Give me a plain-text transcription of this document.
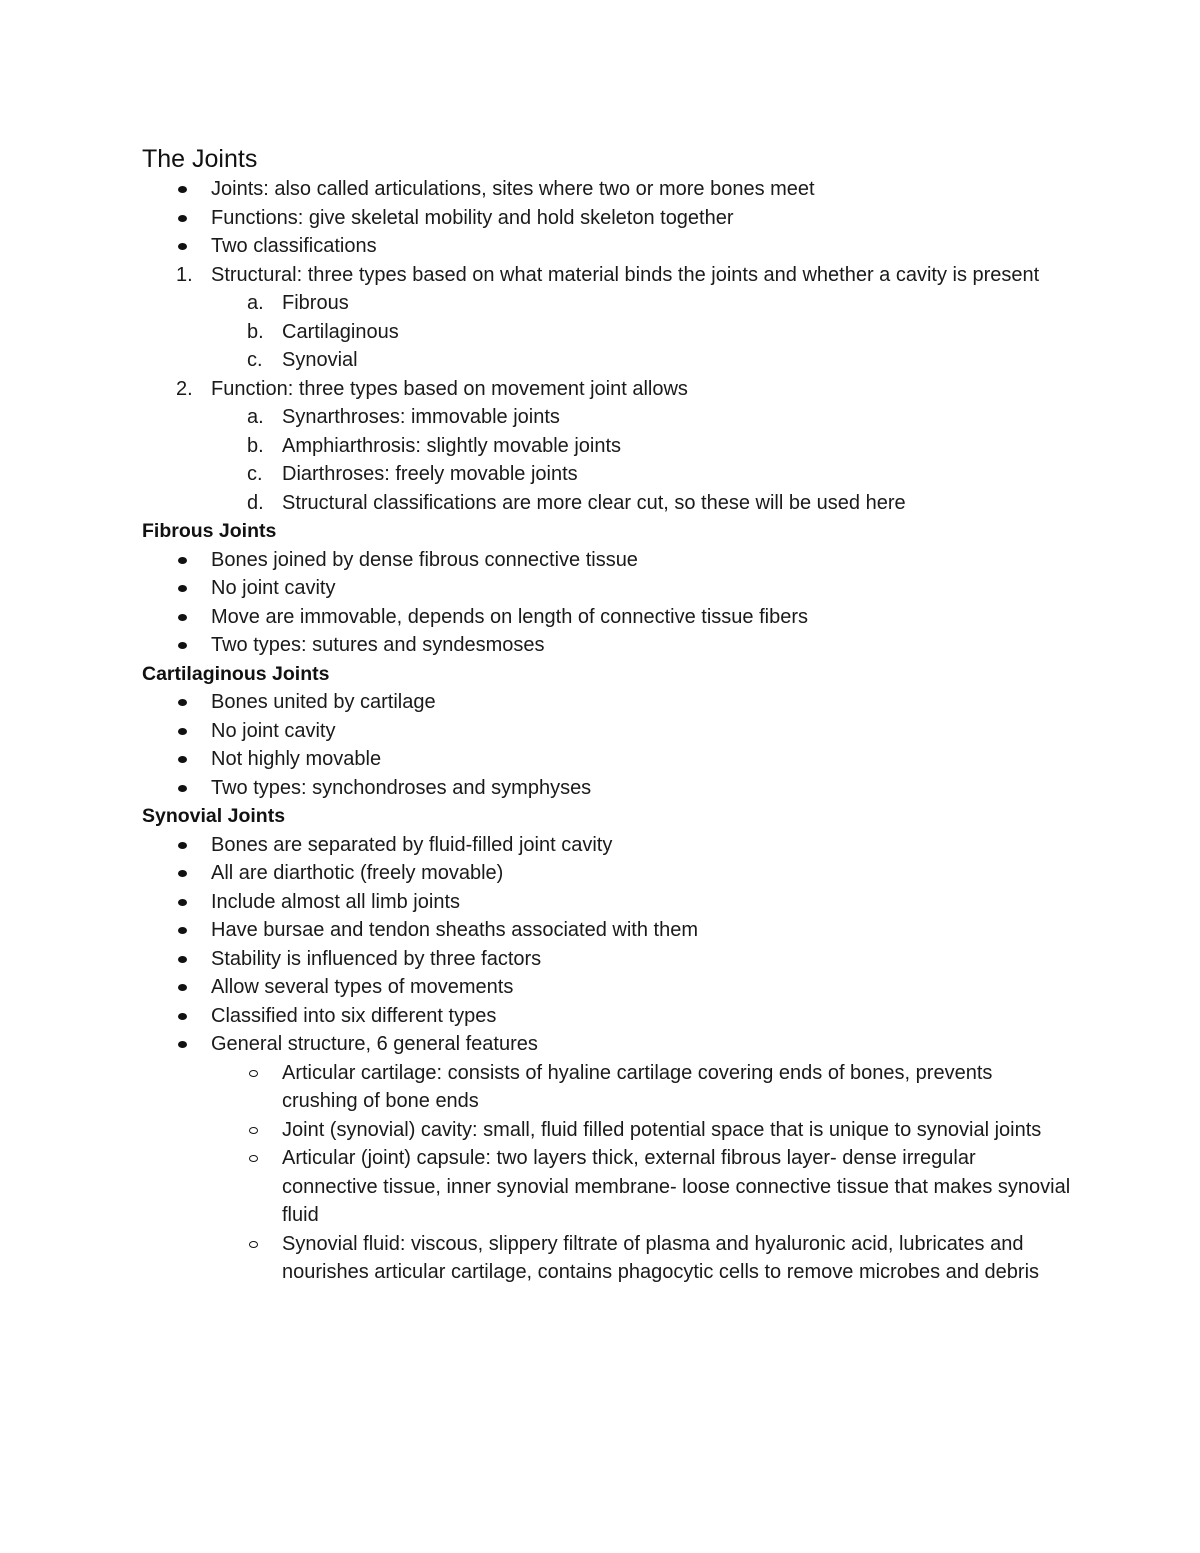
The Joints
Joints: also called articulations, sites where two or more bones meet
Functions: give skeletal mobility and hold skeleton together
Two classifications
1. Structural: three types based on what material binds the joints and whether a cavity is present
a. Fibrous
b. Cartilaginous
c. Synovial
2. Function: three types based on movement joint allows
a. Synarthroses: immovable joints
b. Amphiarthrosis: slightly movable joints
c. Diarthroses: freely movable joints
d. Structural classifications are more clear cut, so these will be used here
Fibrous Joints
Bones joined by dense fibrous connective tissue
No joint cavity
Move are immovable, depends on length of connective tissue fibers
Two types: sutures and syndesmoses
Cartilaginous Joints
Bones united by cartilage
No joint cavity
Not highly movable
Two types: synchondroses and symphyses
Synovial Joints
Bones are separated by fluid-filled joint cavity
All are diarthotic (freely movable)
Include almost all limb joints
Have bursae and tendon sheaths associated with them
Stability is influenced by three factors
Allow several types of movements
Classified into six different types
General structure, 6 general features
Articular cartilage: consists of hyaline cartilage covering ends of bones, prevents crushing of bone ends
Joint (synovial) cavity: small, fluid filled potential space that is unique to synovial joints
Articular (joint) capsule: two layers thick, external fibrous layer- dense irregular connective tissue, inner synovial membrane- loose connective tissue that makes synovial fluid
Synovial fluid: viscous, slippery filtrate of plasma and hyaluronic acid, lubricates and nourishes articular cartilage, contains phagocytic cells to remove microbes and debris
